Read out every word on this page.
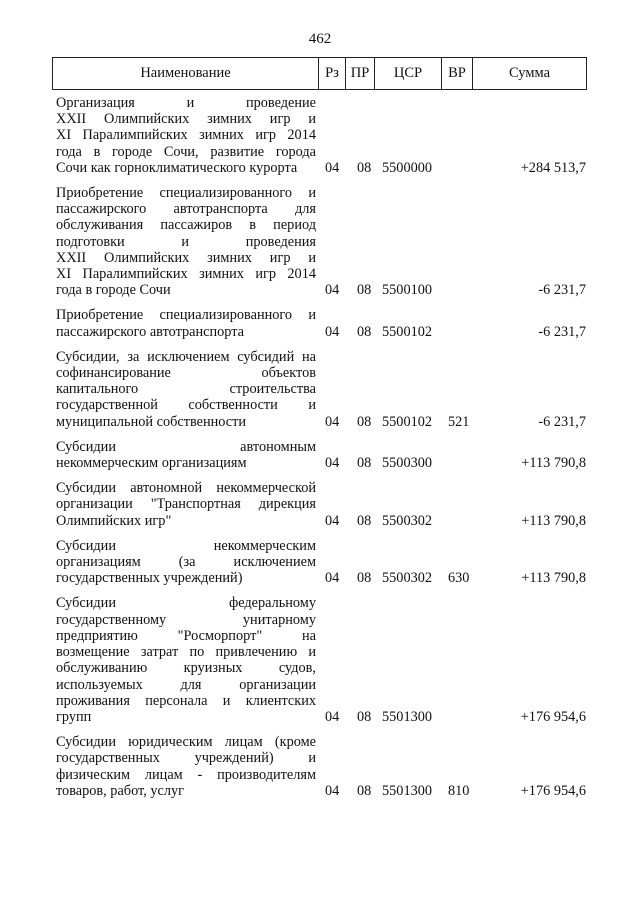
462
Наименование	Рз	ПР	ЦСР	ВР	Сумма
Организация и проведение
XXII Олимпийских зимних игр и
XI Паралимпийских зимних игр 2014
года в городе Сочи, развитие города
Сочи как горноклиматического курорта	04 08 5500000	+284 513,7
Приобретение специализированного и
пассажирского автотранспорта для
обслуживания пассажиров в период
подготовки и проведения
XXII Олимпийских зимних игр и
XI Паралимпийских зимних игр 2014
года в городе Сочи	04 08 5500100	-6 231,7
Приобретение специализированного и
пассажирского автотранспорта	04 08 5500102	-6 231,7
Субсидии, за исключением субсидий на
софинансирование объектов
капитального строительства
государственной собственности и
муниципальной собственности	04 08 5500102 521	-6 231,7
Субсидии автономным
некоммерческим организациям	04 08 5500300	+113 790,8
Субсидии автономной некоммерческой
организации "Транспортная дирекция
Олимпийских игр"	04 08 5500302	+113 790,8
Субсидии некоммерческим
организациям (за исключением
государственных учреждений)	04 08 5500302 630	+113 790,8
Субсидии федеральному
государственному унитарному
предприятию "Росморпорт" на
возмещение затрат по привлечению и
обслуживанию круизных судов,
используемых для организации
проживания персонала и клиентских
групп	04 08 5501300	+176 954,6
Субсидии юридическим лицам (кроме
государственных учреждений) и
физическим лицам - производителям
товаров, работ, услуг	04 08 5501300 810	+176 954,6
